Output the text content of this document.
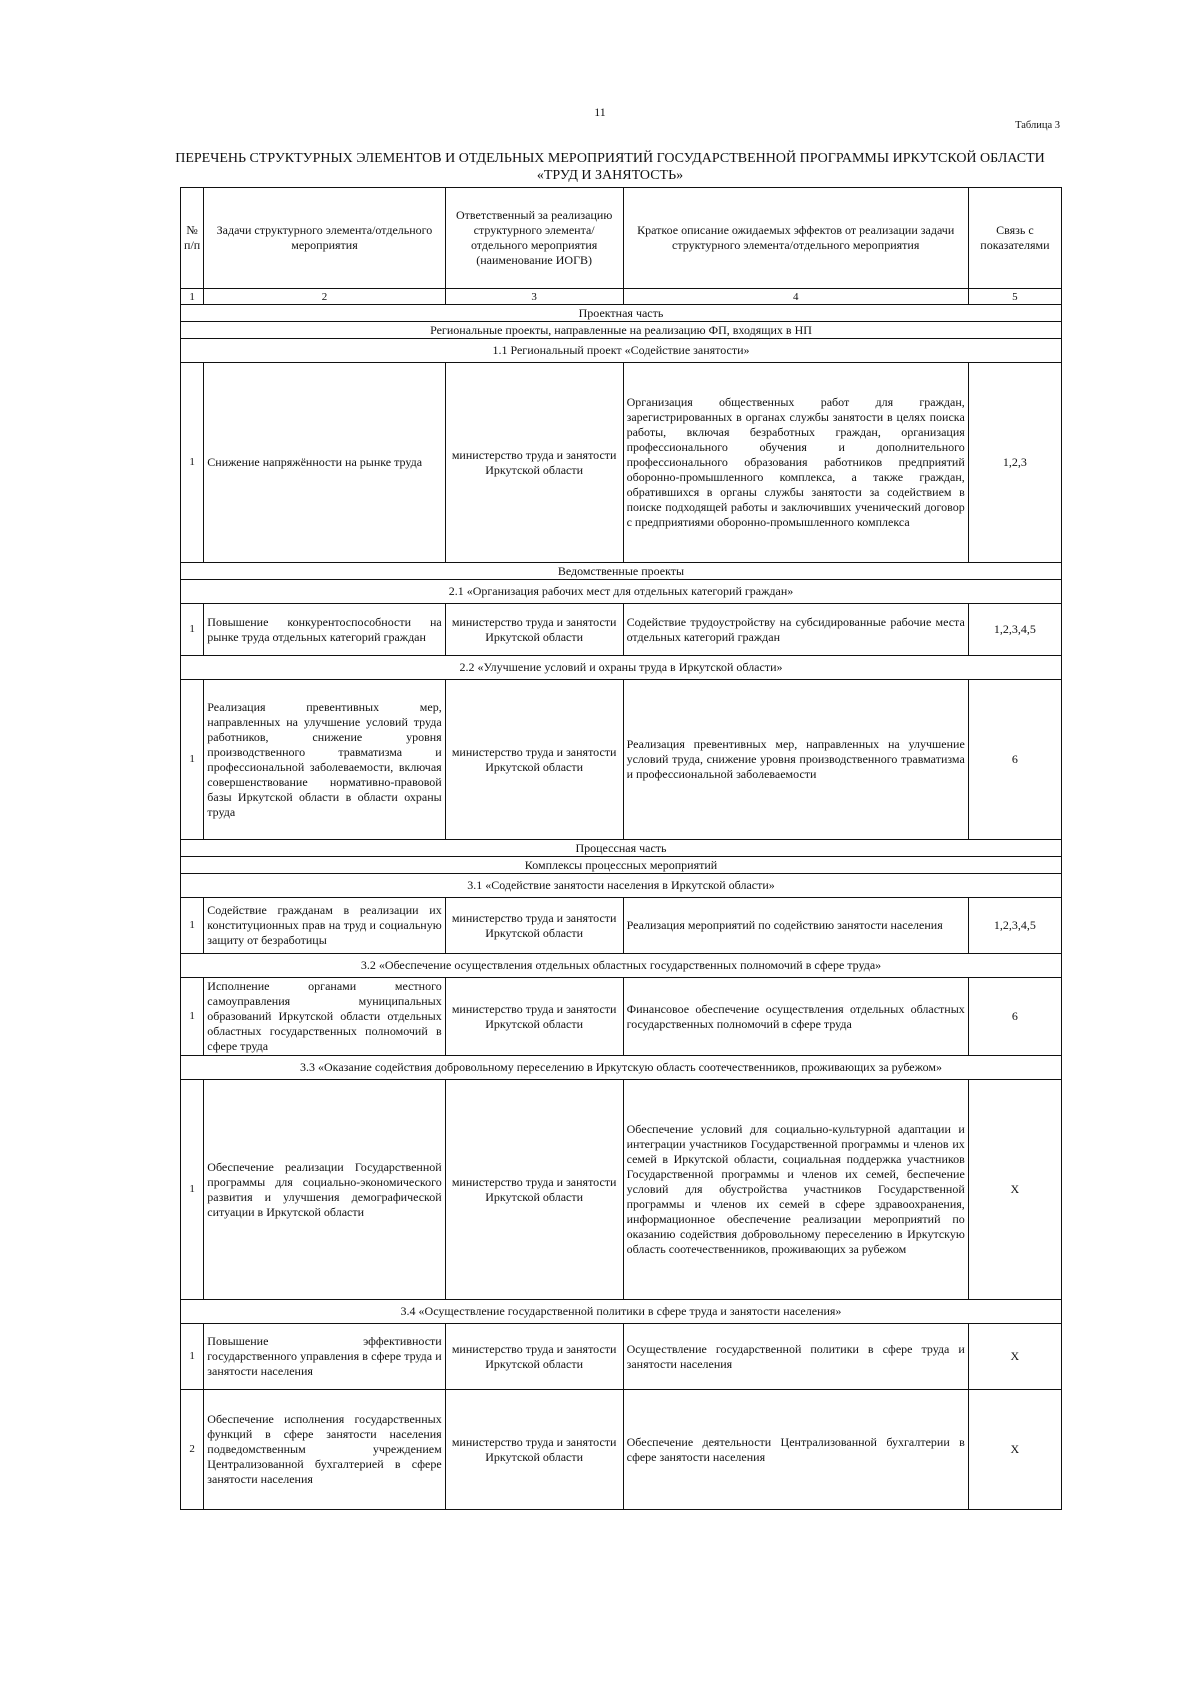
11
Таблица 3
ПЕРЕЧЕНЬ СТРУКТУРНЫХ ЭЛЕМЕНТОВ И ОТДЕЛЬНЫХ МЕРОПРИЯТИЙ ГОСУДАРСТВЕННОЙ ПРОГРАММЫ ИРКУТСКОЙ ОБЛАСТИ
«ТРУД И ЗАНЯТОСТЬ»
№ п/п	Задачи структурного элемента/отдельного мероприятия	Ответственный за реализацию структурного элемента/отдельного мероприятия (наименование ИОГВ)	Краткое описание ожидаемых эффектов от реализации задачи структурного элемента/отдельного мероприятия	Связь с показателями
1	2	3	4	5
Проектная часть				
Региональные проекты, направленные на реализацию ФП, входящих в НП				
1.1 Региональный проект «Содействие занятости»				
1	Снижение напряжённости на рынке труда	министерство труда и занятости Иркутской области	Организация общественных работ для граждан, зарегистрированных в органах службы занятости в целях поиска работы, включая безработных граждан, организация профессионального обучения и дополнительного профессионального образования работников предприятий оборонно-промышленного комплекса, а также граждан, обратившихся в органы службы занятости за содействием в поиске подходящей работы и заключивших ученический договор с предприятиями оборонно-промышленного комплекса	1,2,3
Ведомственные проекты				
2.1 «Организация рабочих мест для отдельных категорий граждан»				
1	Повышение конкурентоспособности на рынке труда отдельных категорий граждан	министерство труда и занятости Иркутской области	Содействие трудоустройству на субсидированные рабочие места отдельных категорий граждан	1,2,3,4,5
2.2 «Улучшение условий и охраны труда в Иркутской области»				
1	Реализация превентивных мер, направленных на улучшение условий труда работников, снижение уровня производственного травматизма и профессиональной заболеваемости, включая совершенствование нормативно-правовой базы Иркутской области в области охраны труда	министерство труда и занятости Иркутской области	Реализация превентивных мер, направленных на улучшение условий труда, снижение уровня производственного травматизма и профессиональной заболеваемости	6
Процессная часть				
Комплексы процессных мероприятий				
3.1 «Содействие занятости населения в Иркутской области»				
1	Содействие гражданам в реализации их конституционных прав на труд и социальную защиту от безработицы	министерство труда и занятости Иркутской области	Реализация мероприятий по содействию занятости населения	1,2,3,4,5
3.2 «Обеспечение осуществления отдельных областных государственных полномочий в сфере труда»				
1	Исполнение органами местного самоуправления муниципальных образований Иркутской области отдельных областных государственных полномочий в сфере труда	министерство труда и занятости Иркутской области	Финансовое обеспечение осуществления отдельных областных государственных полномочий в сфере труда	6
3.3 «Оказание содействия добровольному переселению в Иркутскую область соотечественников, проживающих за рубежом»				
1	Обеспечение реализации Государственной программы для социально-экономического развития и улучшения демографической ситуации в Иркутской области	министерство труда и занятости Иркутской области	Обеспечение условий для социально-культурной адаптации и интеграции участников Государственной программы и членов их семей в Иркутской области, социальная поддержка участников Государственной программы и членов их семей, беспечение условий для обустройства участников Государственной программы и членов их семей в сфере здравоохранения, информационное обеспечение реализации мероприятий по оказанию содействия добровольному переселению в Иркутскую область соотечественников, проживающих за рубежом	X
3.4 «Осуществление государственной политики в сфере труда и занятости населения»				
1	Повышение эффективности государственного управления в сфере труда и занятости населения	министерство труда и занятости Иркутской области	Осуществление государственной политики в сфере труда и занятости населения	X
2	Обеспечение исполнения государственных функций в сфере занятости населения подведомственным учреждением Централизованной бухгалтерией в сфере занятости населения	министерство труда и занятости Иркутской области	Обеспечение деятельности Централизованной бухгалтерии в сфере занятости населения	X
